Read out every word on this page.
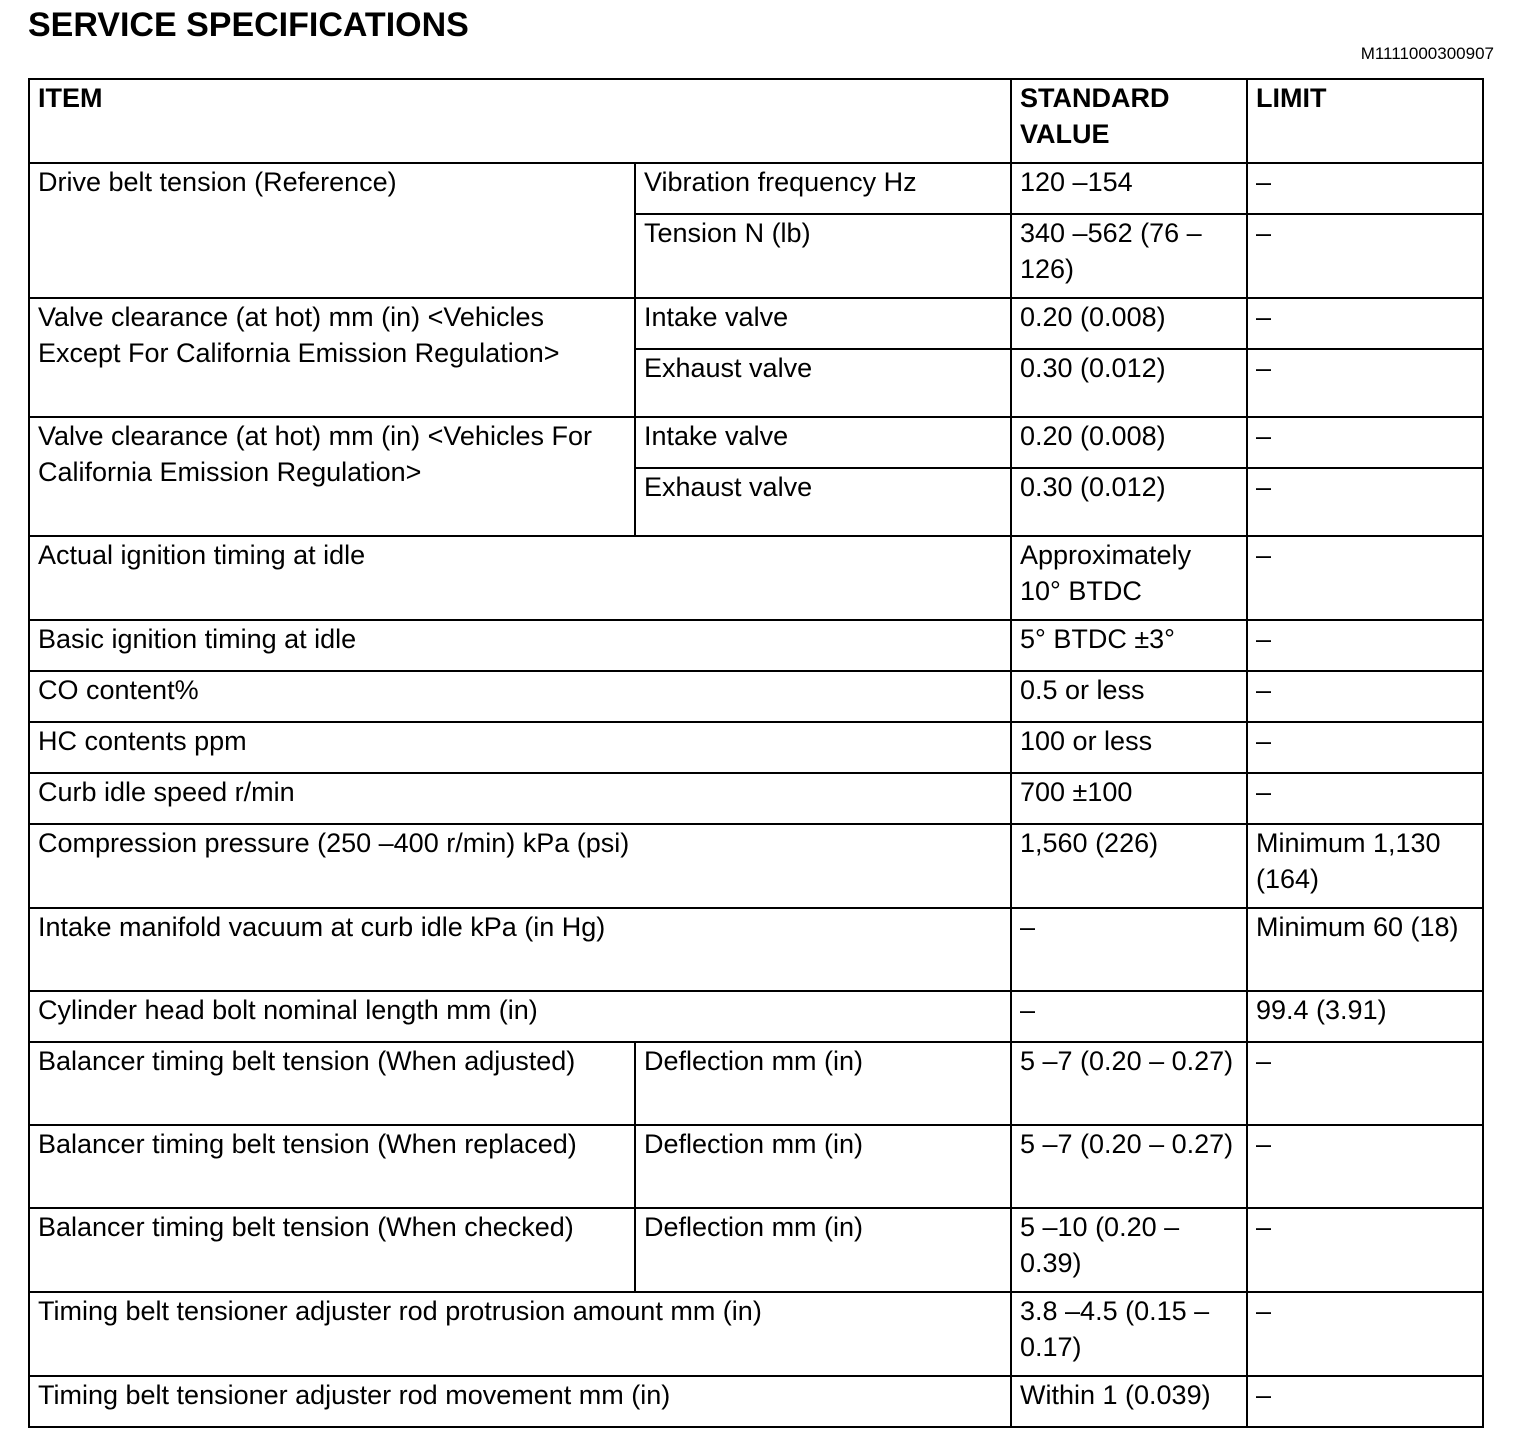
SERVICE SPECIFICATIONS
M1111000300907
ITEM		STANDARD VALUE	LIMIT
Drive belt tension (Reference)	Vibration frequency Hz	120 –154	–
	Tension N (lb)	340 –562 (76 – 126)	–
Valve clearance (at hot) mm (in) <Vehicles Except For California Emission Regulation>	Intake valve	0.20 (0.008)	–
	Exhaust valve	0.30 (0.012)	–
Valve clearance (at hot) mm (in) <Vehicles For California Emission Regulation>	Intake valve	0.20 (0.008)	–
	Exhaust valve	0.30 (0.012)	–
Actual ignition timing at idle		Approximately 10° BTDC	–
Basic ignition timing at idle		5° BTDC ±3°	–
CO content%		0.5 or less	–
HC contents ppm		100 or less	–
Curb idle speed r/min		700 ±100	–
Compression pressure (250 –400 r/min) kPa (psi)		1,560 (226)	Minimum 1,130 (164)
Intake manifold vacuum at curb idle kPa (in Hg)		–	Minimum 60 (18)
Cylinder head bolt nominal length mm (in)		–	99.4 (3.91)
Balancer timing belt tension (When adjusted)	Deflection mm (in)	5 –7 (0.20 – 0.27)	–
Balancer timing belt tension (When replaced)	Deflection mm (in)	5 –7 (0.20 – 0.27)	–
Balancer timing belt tension (When checked)	Deflection mm (in)	5 –10 (0.20 – 0.39)	–
Timing belt tensioner adjuster rod protrusion amount mm (in)		3.8 –4.5 (0.15 – 0.17)	–
Timing belt tensioner adjuster rod movement mm (in)		Within 1 (0.039)	–
